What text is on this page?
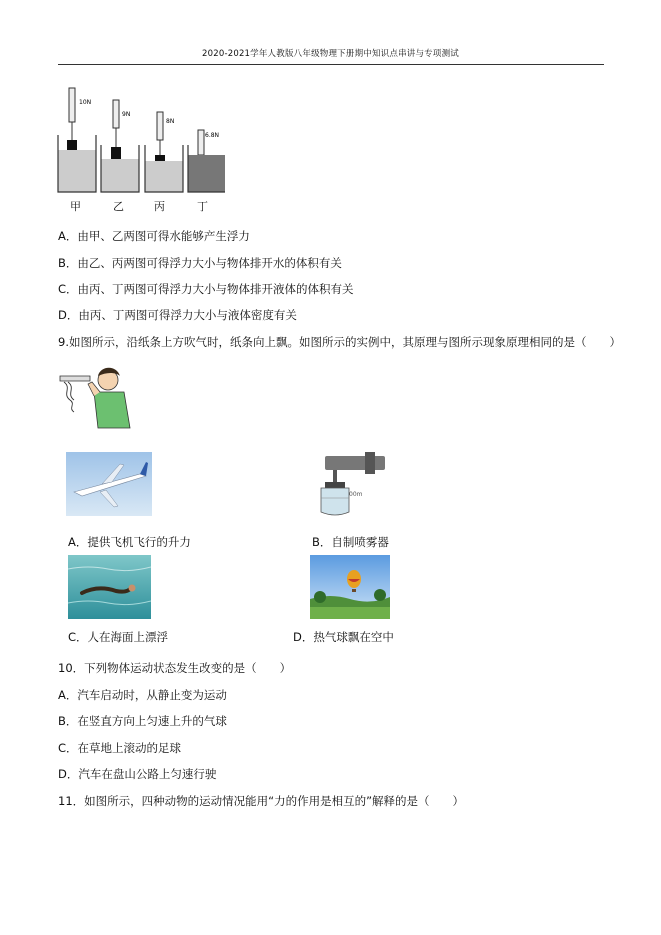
2020-2021学年人教版八年级物理下册期中知识点串讲与专项测试
10N
9N
8N
6.8N
甲	乙	丙	丁
A．由甲、乙两图可得水能够产生浮力
B．由乙、丙两图可得浮力大小与物体排开水的体积有关
C．由丙、丁两图可得浮力大小与物体排开液体的体积有关
D．由丙、丁两图可得浮力大小与液体密度有关
9.如图所示，沿纸条上方吹气时，纸条向上飘。如图所示的实例中，其原理与图所示现象原理相同的是（　　）
00m
A．提供飞机飞行的升力	B．自制喷雾器
C．人在海面上漂浮	D．热气球飘在空中
10．下列物体运动状态发生改变的是（　　）
A．汽车启动时，从静止变为运动
B．在竖直方向上匀速上升的气球
C．在草地上滚动的足球
D．汽车在盘山公路上匀速行驶
11．如图所示，四种动物的运动情况能用“力的作用是相互的”解释的是（　　）
